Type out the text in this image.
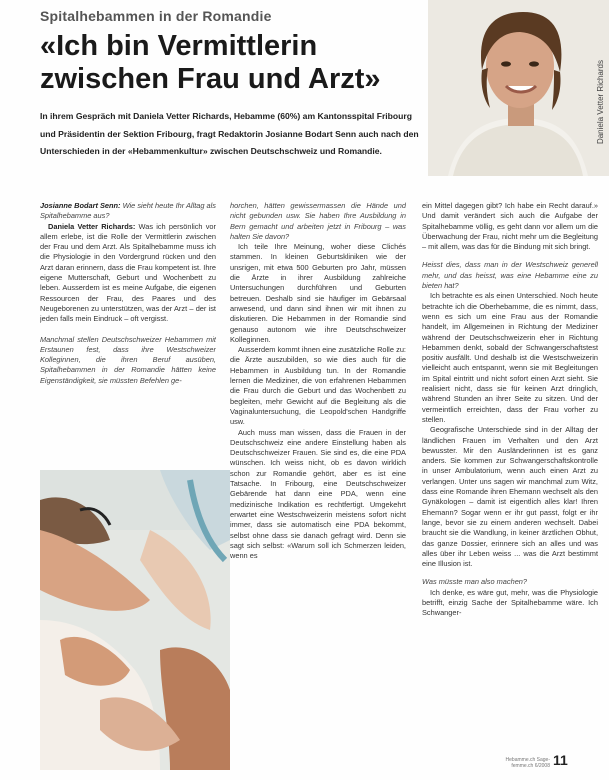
Spitalhebammen in der Romandie
«Ich bin Vermittlerin
zwischen Frau und Arzt»
In ihrem Gespräch mit Daniela Vetter Richards, Hebamme (60%) am Kantonsspital Fribourg und Präsidentin der Sektion Fribourg, fragt Redaktorin Josianne Bodart Senn auch nach den Unterschieden in der «Hebammenkultur» zwischen Deutschschweiz und Romandie.
Daniela Vetter Richards

Josianne Bodart Senn: Wie sieht heute Ihr Alltag als Spitalhebamme aus?

Daniela Vetter Richards: Was ich persönlich vor allem erlebe, ist die Rolle der Vermittlerin zwischen der Frau und dem Arzt. Als Spitalhebamme muss ich die Physiologie in den Vordergrund rücken und den Arzt daran erinnern, dass die Frau kompetent ist. Ihre eigene Mutterschaft, Geburt und Wochenbett zu leben. Ausserdem ist es meine Aufgabe, die eigenen Ressourcen der Frau, des Paares und des Neugeborenen zu unterstützen, was der Arzt – der ist jeden falls mein Eindruck – oft vergisst.

Manchmal stellen Deutschschweizer Hebammen mit Erstaunen fest, dass ihre Westschweizer Kolleginnen, die ihren Beruf ausüben, Spitalhebammen in der Romandie hätten keine Eigenständigkeit, sie müssten Befehlen ge-

horchen, hätten gewissermassen die Hände und nicht gebunden usw. Sie haben Ihre Ausbildung in Bern gemacht und arbeiten jetzt in Fribourg – was halten Sie davon?

Ich teile Ihre Meinung, woher diese Clichés stammen. In kleinen Geburtskliniken wie der unsrigen, mit etwa 500 Geburten pro Jahr, müssen die Ärzte in ihrer Ausbildung zahlreiche Untersuchungen durchführen und Geburten betreuen. Deshalb sind sie häufiger im Gebärsaal anwesend, und dann sind ihnen wir mit ihnen zu diskutieren. Die Hebammen in der Romandie sind genauso autonom wie ihre Deutschschweizer Kolleginnen.

Ausserdem kommt ihnen eine zusätzliche Rolle zu: die Ärzte auszubilden, so wie dies auch für die Hebammen in Ausbildung tun. In der Romandie lernen die Mediziner, die von erfahrenen Hebammen die Frau durch die Geburt und das Wochenbett zu begleiten, mehr Gewicht auf die Begleitung als die Vaginaluntersuchung, die Leopold'schen Handgriffe usw.

Auch muss man wissen, dass die Frauen in der Deutschschweiz eine andere Einstellung haben als Deutschschweizer Frauen. Sie sind es, die eine PDA wünschen. Ich weiss nicht, ob es davon wirklich schon zur Romandie gehört, aber es ist eine Tatsache. In Fribourg, eine Deutschschweizer Gebärende hat dann eine PDA, wenn eine medizinische Indikation es rechtfertigt. Umgekehrt erwartet eine Westschweizerin meistens sofort nicht immer, dass sie automatisch eine PDA bekommt, selbst ohne dass sie danach gefragt wird. Denn sie sagt sich selbst: «Warum soll ich Schmerzen leiden, wenn es

ein Mittel dagegen gibt? Ich habe ein Recht darauf.» Und damit verändert sich auch die Aufgabe der Spitalhebamme völlig, es geht dann vor allem um die Überwachung der Frau, nicht mehr um die Begleitung – mit allem, was das für die Bindung mit sich bringt.

Heisst dies, dass man in der Westschweiz generell mehr, und das heisst, was eine Hebamme eine zu bieten hat?

Ich betrachte es als einen Unterschied. Noch heute betrachte ich die Oberhebamme, die es nimmt, dass, wenn es sich um eine Frau aus der Romandie handelt, im Allgemeinen in Richtung der Mediziner während der Deutschschweizerin eher in Richtung Hebammen denkt, sobald der Schwangerschaftstest positiv ausfällt. Und deshalb ist die Westschweizerin vielleicht auch entspannt, wenn sie mit Begleitungen im Spital eintritt und nicht sofort einen Arzt sieht. Sie realisiert nicht, dass sie für keinen Arzt dringlich, während Stunden an ihrer Seite zu sitzen. Und der vermeintlich erreichten, dass der Frau vorher zu stellen.

Geografische Unterschiede sind in der Alltag der ländlichen Frauen im Verhalten und den Arzt bewusster. Mir den Ausländerinnen ist es ganz anders. Sie kommen zur Schwangerschaftskontrolle in unser Ambulatorium, wenn auch einen Arzt zu verlangen. Unter uns sagen wir manchmal zum Witz, dass eine Romande ihren Ehemann wechselt als den Gynäkologen – damit ist eigentlich alles klar! Ihren Ehemann? Sogar wenn er ihr gut passt, folgt er ihr lange, bevor sie zu einem anderen wechselt. Dabei braucht sie die Wandlung, in keiner ärztlichen Obhut, das ganze Dossier, erinnere sich an alles und was alles über ihr Leben weiss ... was die Arzt bestimmt eine Illusion ist.

Was müsste man also machen?

Ich denke, es wäre gut, mehr, was die Physiologie betrifft, einzig Sache der Spitalhebamme wäre. Ich Schwanger-

Hebamme.ch Sage-femme.ch 6/2008 11
